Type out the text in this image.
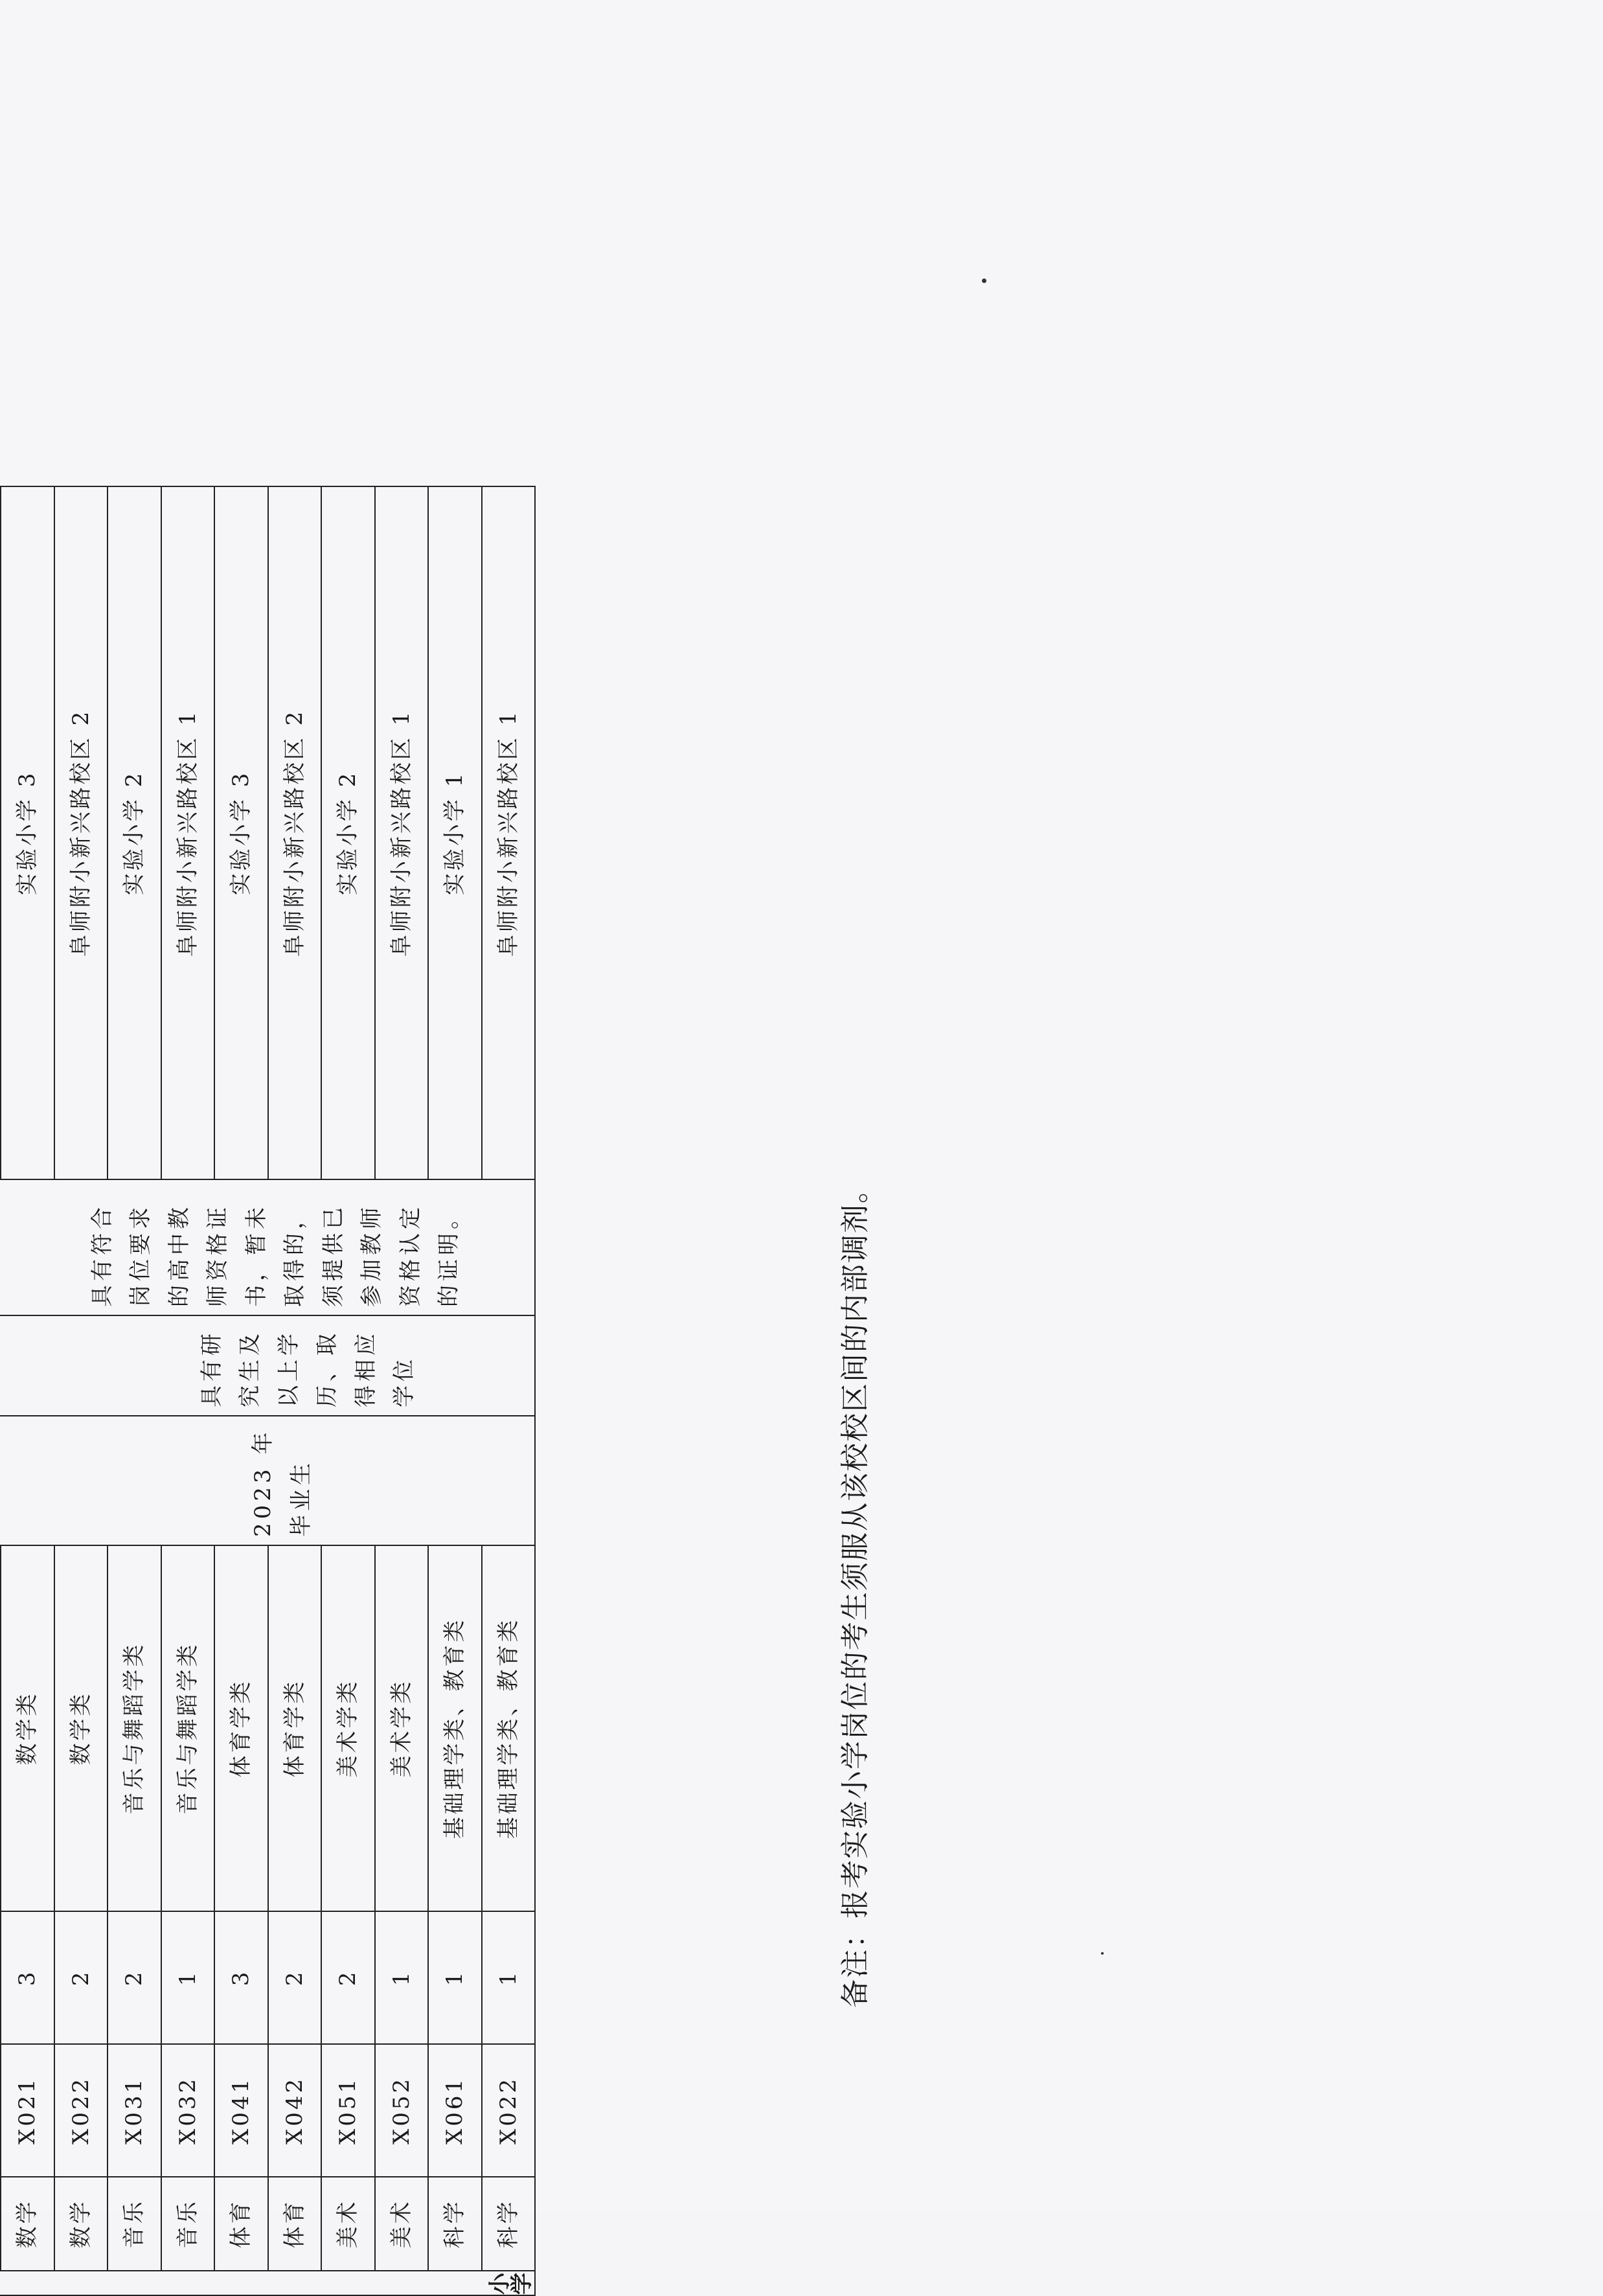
小学					2023 年毕业生	具有研究生及以上学历、取得相应学位	具有符合岗位要求的高中教师资格证书，暂未取得的，须提供已参加教师资格认定的证明。

	数学	X021	3	数学类				实验小学 3
	数学	X022	2	数学类				阜师附小新兴路校区 2
	音乐	X031	2	音乐与舞蹈学类				实验小学 2
	音乐	X032	1	音乐与舞蹈学类				阜师附小新兴路校区 1
	体育	X041	3	体育学类				实验小学 3
	体育	X042	2	体育学类				阜师附小新兴路校区 2
	美术	X051	2	美术学类				实验小学 2
	美术	X052	1	美术学类				阜师附小新兴路校区 1
	科学	X061	1	基础理学类、教育类				实验小学 1
	科学	X022	1	基础理学类、教育类				阜师附小新兴路校区 1
备注：报考实验小学岗位的考生须服从该校校区间的内部调剂。
